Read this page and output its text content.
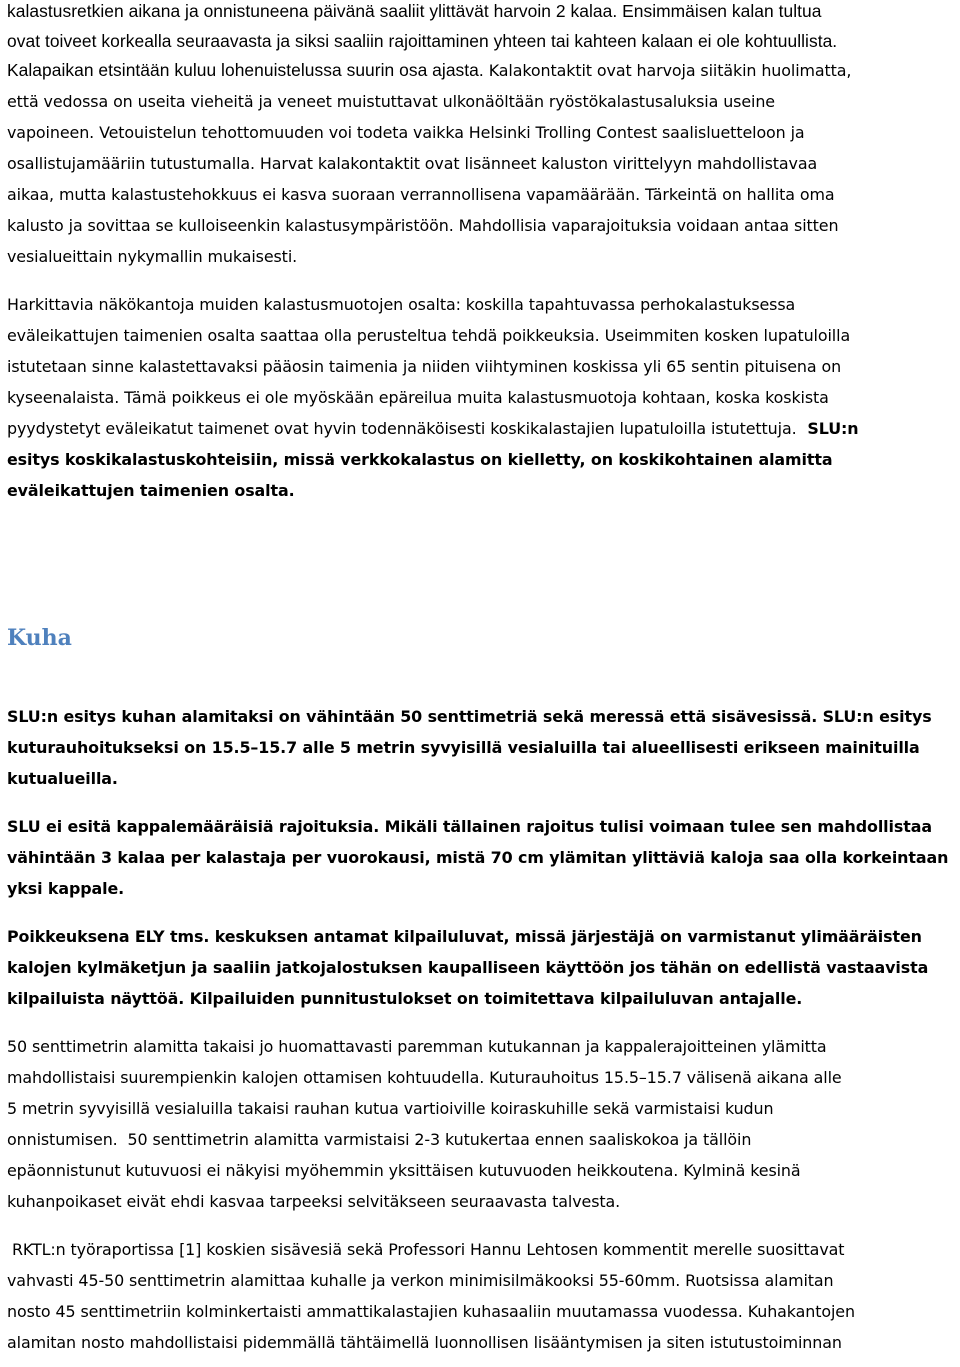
kalastusretkien aikana ja onnistuneena päivänä saaliit ylittävät harvoin 2 kalaa. Ensimmäisen kalan tultua
ovat toiveet korkealla seuraavasta ja siksi saaliin rajoittaminen yhteen tai kahteen kalaan ei ole kohtuullista.

Kalapaikan etsintään kuluu lohenuistelussa suurin osa ajasta. Kalakontaktit ovat harvoja siitäkin huolimatta,
että vedossa on useita vieheitä ja veneet muistuttavat ulkonäöltään ryöstökalastusaluksia useine
vapoineen. Vetouistelun tehottomuuden voi todeta vaikka Helsinki Trolling Contest saalisluetteloon ja
osallistujamääriin tutustumalla. Harvat kalakontaktit ovat lisänneet kaluston virittelyyn mahdollistavaa
aikaa, mutta kalastustehokkuus ei kasva suoraan verrannollisena vapamäärään. Tärkeintä on hallita oma
kalusto ja sovittaa se kulloiseenkin kalastusympäristöön. Mahdollisia vaparajoituksia voidaan antaa sitten
vesialueittain nykymallin mukaisesti.

Harkittavia näkökantoja muiden kalastusmuotojen osalta: koskilla tapahtuvassa perhokalastuksessa
eväleikattujen taimenien osalta saattaa olla perusteltua tehdä poikkeuksia. Useimmiten kosken lupatuloilla
istutetaan sinne kalastettavaksi pääosin taimenia ja niiden viihtyminen koskissa yli 65 sentin pituisena on
kyseenalaista. Tämä poikkeus ei ole myöskään epäreilua muita kalastusmuotoja kohtaan, koska koskista
pyydystetyt eväleikatut taimenet ovat hyvin todennäköisesti koskikalastajien lupatuloilla istutettuja.  SLU:n
esitys koskikalastuskohteisiin, missä verkkokalastus on kielletty, on koskikohtainen alamitta
eväleikattujen taimenien osalta.

Kuha

SLU:n esitys kuhan alamitaksi on vähintään 50 senttimetriä sekä meressä että sisävesissä. SLU:n esitys
kuturauhoitukseksi on 15.5–15.7 alle 5 metrin syvyisillä vesialuilla tai alueellisesti erikseen mainituilla
kutualueilla.

SLU ei esitä kappalemääräisiä rajoituksia. Mikäli tällainen rajoitus tulisi voimaan tulee sen mahdollistaa
vähintään 3 kalaa per kalastaja per vuorokausi, mistä 70 cm ylämitan ylittäviä kaloja saa olla korkeintaan
yksi kappale.

Poikkeuksena ELY tms. keskuksen antamat kilpailuluvat, missä järjestäjä on varmistanut ylimääräisten
kalojen kylmäketjun ja saaliin jatkojalostuksen kaupalliseen käyttöön jos tähän on edellistä vastaavista
kilpailuista näyttöä. Kilpailuiden punnitustulokset on toimitettava kilpailuluvan antajalle.

50 senttimetrin alamitta takaisi jo huomattavasti paremman kutukannan ja kappalerajoitteinen ylämitta
mahdollistaisi suurempienkin kalojen ottamisen kohtuudella. Kuturauhoitus 15.5–15.7 välisenä aikana alle
5 metrin syvyisillä vesialuilla takaisi rauhan kutua vartioiville koiraskuhille sekä varmistaisi kudun
onnistumisen.  50 senttimetrin alamitta varmistaisi 2-3 kutukertaa ennen saaliskokoa ja tällöin
epäonnistunut kutuvuosi ei näkyisi myöhemmin yksittäisen kutuvuoden heikkoutena. Kylminä kesinä
kuhanpoikaset eivät ehdi kasvaa tarpeeksi selvitäkseen seuraavasta talvesta.

RKTL:n työraportissa [1] koskien sisävesiä sekä Professori Hannu Lehtosen kommentit merelle suosittavat
vahvasti 45-50 senttimetrin alamittaa kuhalle ja verkon minimisilmäkooksi 55-60mm. Ruotsissa alamitan
nosto 45 senttimetriin kolminkertaisti ammattikalastajien kuhasaaliin muutamassa vuodessa. Kuhakantojen
alamitan nosto mahdollistaisi pidemmällä tähtäimellä luonnollisen lisääntymisen ja siten istutustoiminnan
